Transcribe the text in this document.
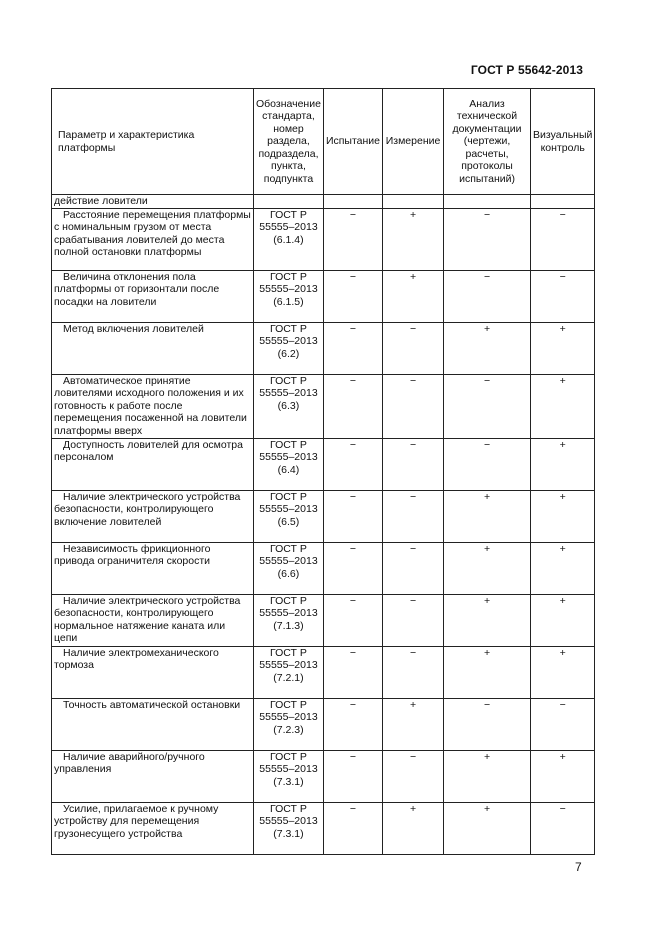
ГОСТ Р 55642-2013
Параметр и характеристика платформы	Обозначение стандарта, номер раздела, подраздела, пункта, подпункта	Испытание	Измерение	Анализ технической документации (чертежи, расчеты, протоколы испытаний)	Визуальный контроль
действие ловители					

Расстояние перемещения платформы с номинальным грузом от места срабатывания ловителей до места полной остановки платформы	ГОСТ Р 55555–2013 (6.1.4)	−	+	−	−

Величина отклонения пола платформы от горизонтали после посадки на ловители	ГОСТ Р 55555–2013 (6.1.5)	−	+	−	−

Метод включения ловителей	ГОСТ Р 55555–2013 (6.2)	−	−	+	+

Автоматическое принятие ловителями исходного положения и их готовность к работе после перемещения посаженной на ловители платформы вверх	ГОСТ Р 55555–2013 (6.3)	−	−	−	+

Доступность ловителей для осмотра персоналом	ГОСТ Р 55555–2013 (6.4)	−	−	−	+

Наличие электрического устройства безопасности, контролирующего включение ловителей	ГОСТ Р 55555–2013 (6.5)	−	−	+	+

Независимость фрикционного привода ограничителя скорости	ГОСТ Р 55555–2013 (6.6)	−	−	+	+

Наличие электрического устройства безопасности, контролирующего нормальное натяжение каната или цепи	ГОСТ Р 55555–2013 (7.1.3)	−	−	+	+

Наличие электромеханического тормоза	ГОСТ Р 55555–2013 (7.2.1)	−	−	+	+

Точность автоматической остановки	ГОСТ Р 55555–2013 (7.2.3)	−	+	−	−

Наличие аварийного/ручного управления	ГОСТ Р 55555–2013 (7.3.1)	−	−	+	+

Усилие, прилагаемое к ручному устройству для перемещения грузонесущего устройства	ГОСТ Р 55555–2013 (7.3.1)	−	+	+	−
7
